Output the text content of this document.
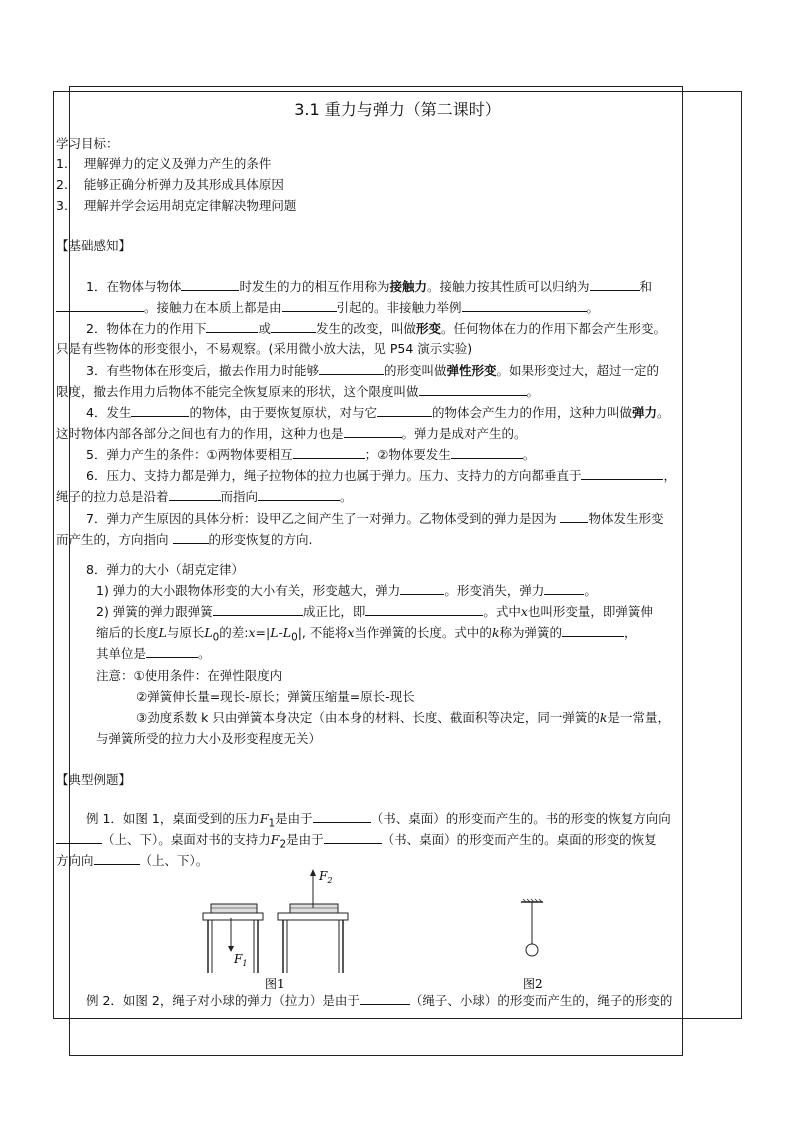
3.1 重力与弹力（第二课时）
学习目标：
1. 理解弹力的定义及弹力产生的条件
2. 能够正确分析弹力及其形成具体原因
3. 理解并学会运用胡克定律解决物理问题
【基础感知】
1．在物体与物体	时发生的力的相互作用称为接触力。接触力按其性质可以归纳为	和
。接触力在本质上都是由	引起的。非接触力举例	。
2．物体在力的作用下	或	发生的改变，叫做形变。任何物体在力的作用下都会产生形变。
只是有些物体的形变很小，不易观察。(采用微小放大法，见 P54 演示实验)
3．有些物体在形变后，撤去作用力时能够	的形变叫做弹性形变。如果形变过大，超过一定的
限度，撤去作用力后物体不能完全恢复原来的形状，这个限度叫做	。
4．发生	的物体，由于要恢复原状，对与它	的物体会产生力的作用，这种力叫做弹力。
这时物体内部各部分之间也有力的作用，这种力也是	。弹力是成对产生的。
5．弹力产生的条件：①两物体要相互	；②物体要发生	。
6．压力、支持力都是弹力，绳子拉物体的拉力也属于弹力。压力、支持力的方向都垂直于	，
绳子的拉力总是沿着	而指向	。
7．弹力产生原因的具体分析：设甲乙之间产生了一对弹力。乙物体受到的弹力是因为	物体发生形变
而产生的，方向指向	的形变恢复的方向.
8．弹力的大小（胡克定律）
1) 弹力的大小跟物体形变的大小有关，形变越大，弹力	。形变消失，弹力	。
2) 弹簧的弹力跟弹簧	成正比，即	。式中x也叫形变量，即弹簧伸
缩后的长度L与原长$L_0$的差$:x=|L-L_0|$, 不能将x当作弹簧的长度。式中的k称为弹簧的	，
其单位是	。
注意：①使用条件：在弹性限度内
②弹簧伸长量=现长-原长；弹簧压缩量=原长-现长
③劲度系数 k 只由弹簧本身决定（由本身的材料、长度、截面积等决定，同一弹簧的k是一常量，
与弹簧所受的拉力大小及形变程度无关）
【典型例题】
例 1．如图 1，桌面受到的压力$F_1$是由于	（书、桌面）的形变而产生的。书的形变的恢复方向向
（上、下）。桌面对书的支持力$F_2$是由于	（书、桌面）的形变而产生的。桌面的形变的恢复
方向向	（上、下）。
$F_1$
$F_2$
图1	图2
例 2．如图 2，绳子对小球的弹力（拉力）是由于	（绳子、小球）的形变而产生的，绳子的形变的
